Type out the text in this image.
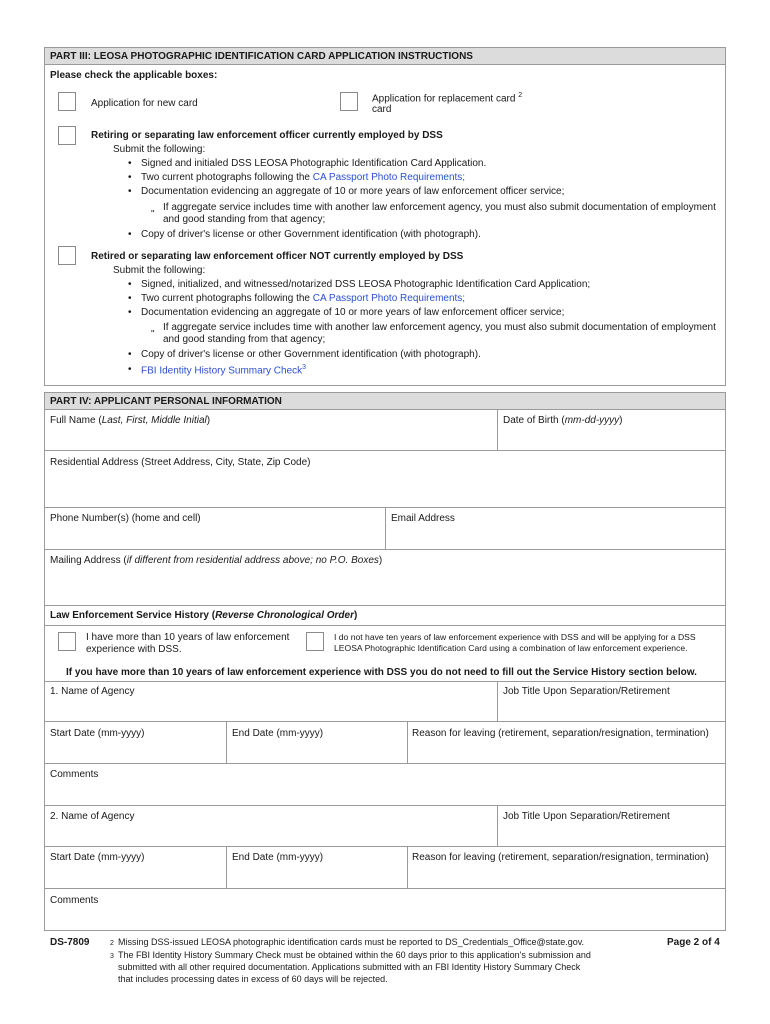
PART III: LEOSA PHOTOGRAPHIC IDENTIFICATION CARD APPLICATION INSTRUCTIONS
Please check the applicable boxes:
Application for new card	Application for replacement card $^2$
card
Retiring or separating law enforcement officer currently employed by DSS
Submit the following:
• Signed and initialed DSS LEOSA Photographic Identification Card Application.
• Two current photographs following the CA Passport Photo Requirements;
• Documentation evidencing an aggregate of 10 or more years of law enforcement officer service;
"
If aggregate service includes time with another law enforcement agency, you must also submit documentation of employment
and good standing from that agency;
• Copy of driver's license or other Government identification (with photograph).
Retired or separating law enforcement officer NOT currently employed by DSS
Submit the following:
• Signed, initialized, and witnessed/notarized DSS LEOSA Photographic Identification Card Application;
• Two current photographs following the CA Passport Photo Requirements;
• Documentation evidencing an aggregate of 10 or more years of law enforcement officer service;
"
If aggregate service includes time with another law enforcement agency, you must also submit documentation of employment
and good standing from that agency;
• Copy of driver's license or other Government identification (with photograph).
• FBI Identity History Summary Check$^3$
PART IV: APPLICANT PERSONAL INFORMATION
Full Name (Last, First, Middle Initial)	Date of Birth (mm-dd-yyyy)
Residential Address (Street Address, City, State, Zip Code)
Phone Number(s) (home and cell)	Email Address
Mailing Address (if different from residential address above; no P.O. Boxes)
Law Enforcement Service History (Reverse Chronological Order)
I have more than 10 years of law enforcement
experience with DSS.
I do not have ten years of law enforcement experience with DSS and will be applying for a DSS
LEOSA Photographic Identification Card using a combination of law enforcement experience.
If you have more than 10 years of law enforcement experience with DSS you do not need to fill out the Service History section below.
1. Name of Agency	Job Title Upon Separation/Retirement
Start Date (mm-yyyy)	End Date (mm-yyyy)	Reason for leaving (retirement, separation/resignation, termination)
Comments
2. Name of Agency	Job Title Upon Separation/Retirement
Start Date (mm-yyyy)	End Date (mm-yyyy)	Reason for leaving (retirement, separation/resignation, termination)
Comments
DS-7809	2 Missing DSS-issued LEOSA photographic identification cards must be reported to DS_Credentials_Office@state.gov.
3 The FBI Identity History Summary Check must be obtained within the 60 days prior to this application's submission and
submitted with all other required documentation. Applications submitted with an FBI Identity History Summary Check
that includes processing dates in excess of 60 days will be rejected.
Page 2 of 4
